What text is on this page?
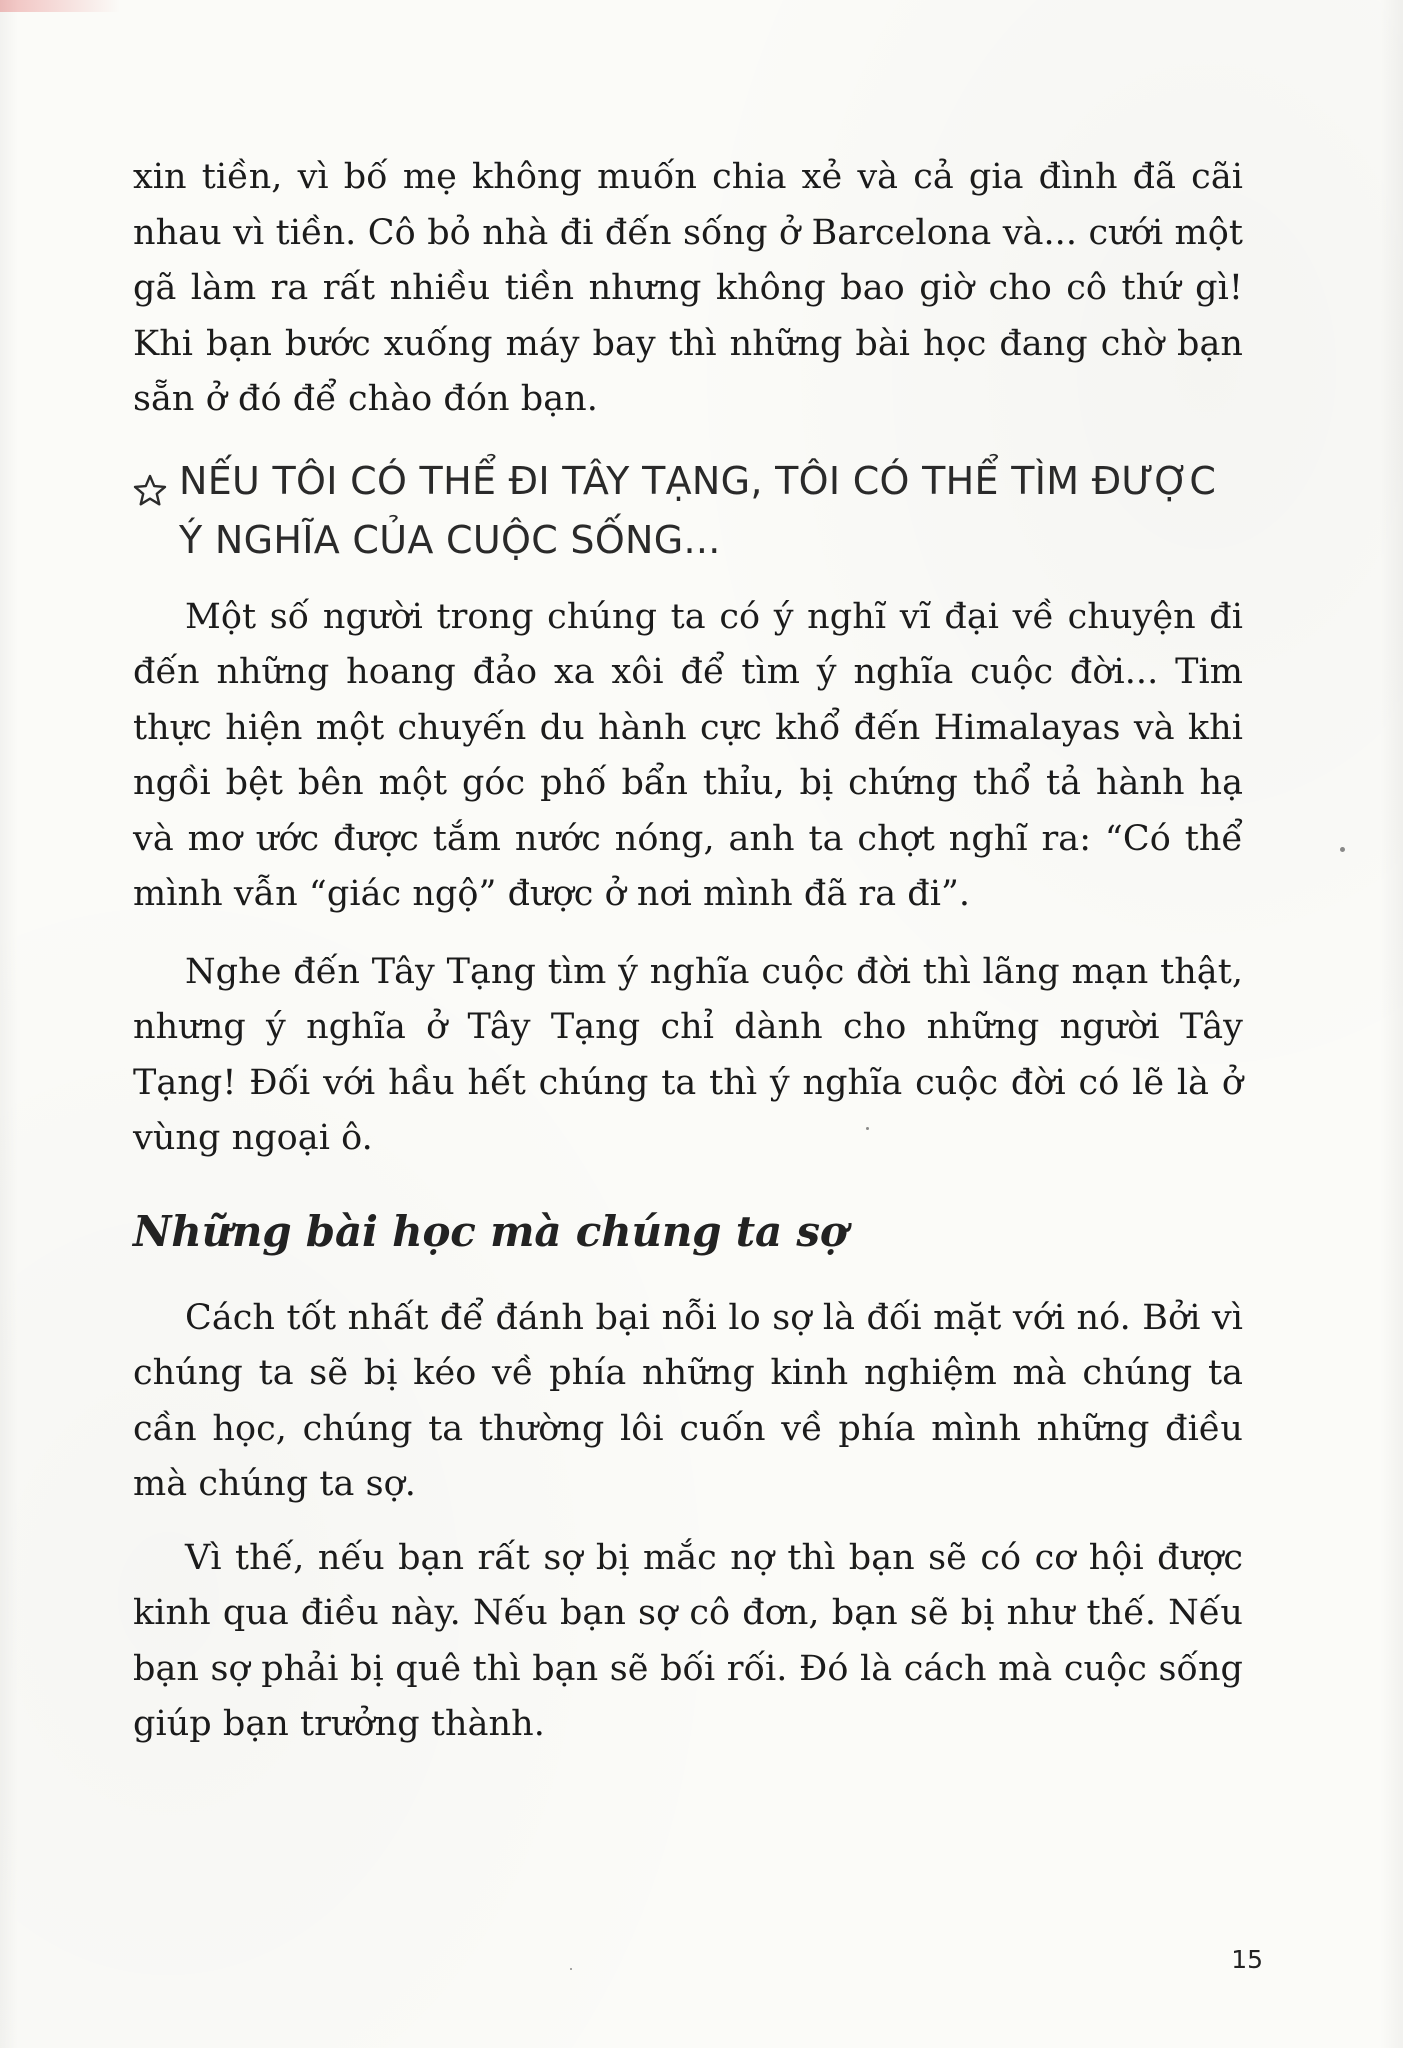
xin tiền, vì bố mẹ không muốn chia xẻ và cả gia đình đã cãi nhau vì tiền. Cô bỏ nhà đi đến sống ở Barcelona và... cưới một gã làm ra rất nhiều tiền nhưng không bao giờ cho cô thứ gì! Khi bạn bước xuống máy bay thì những bài học đang chờ bạn sẵn ở đó để chào đón bạn.

NẾU TÔI CÓ THỂ ĐI TÂY TẠNG, TÔI CÓ THỂ TÌM ĐƯỢC
Ý NGHĨA CỦA CUỘC SỐNG...

Một số người trong chúng ta có ý nghĩ vĩ đại về chuyện đi đến những hoang đảo xa xôi để tìm ý nghĩa cuộc đời... Tim thực hiện một chuyến du hành cực khổ đến Himalayas và khi ngồi bệt bên một góc phố bẩn thỉu, bị chứng thổ tả hành hạ và mơ ước được tắm nước nóng, anh ta chợt nghĩ ra: “Có thể mình vẫn “giác ngộ” được ở nơi mình đã ra đi”.

Nghe đến Tây Tạng tìm ý nghĩa cuộc đời thì lãng mạn thật, nhưng ý nghĩa ở Tây Tạng chỉ dành cho những người Tây Tạng! Đối với hầu hết chúng ta thì ý nghĩa cuộc đời có lẽ là ở vùng ngoại ô.

Những bài học mà chúng ta sợ

Cách tốt nhất để đánh bại nỗi lo sợ là đối mặt với nó. Bởi vì chúng ta sẽ bị kéo về phía những kinh nghiệm mà chúng ta cần học, chúng ta thường lôi cuốn về phía mình những điều mà chúng ta sợ.

Vì thế, nếu bạn rất sợ bị mắc nợ thì bạn sẽ có cơ hội được kinh qua điều này. Nếu bạn sợ cô đơn, bạn sẽ bị như thế. Nếu bạn sợ phải bị quê thì bạn sẽ bối rối. Đó là cách mà cuộc sống giúp bạn trưởng thành.

15
